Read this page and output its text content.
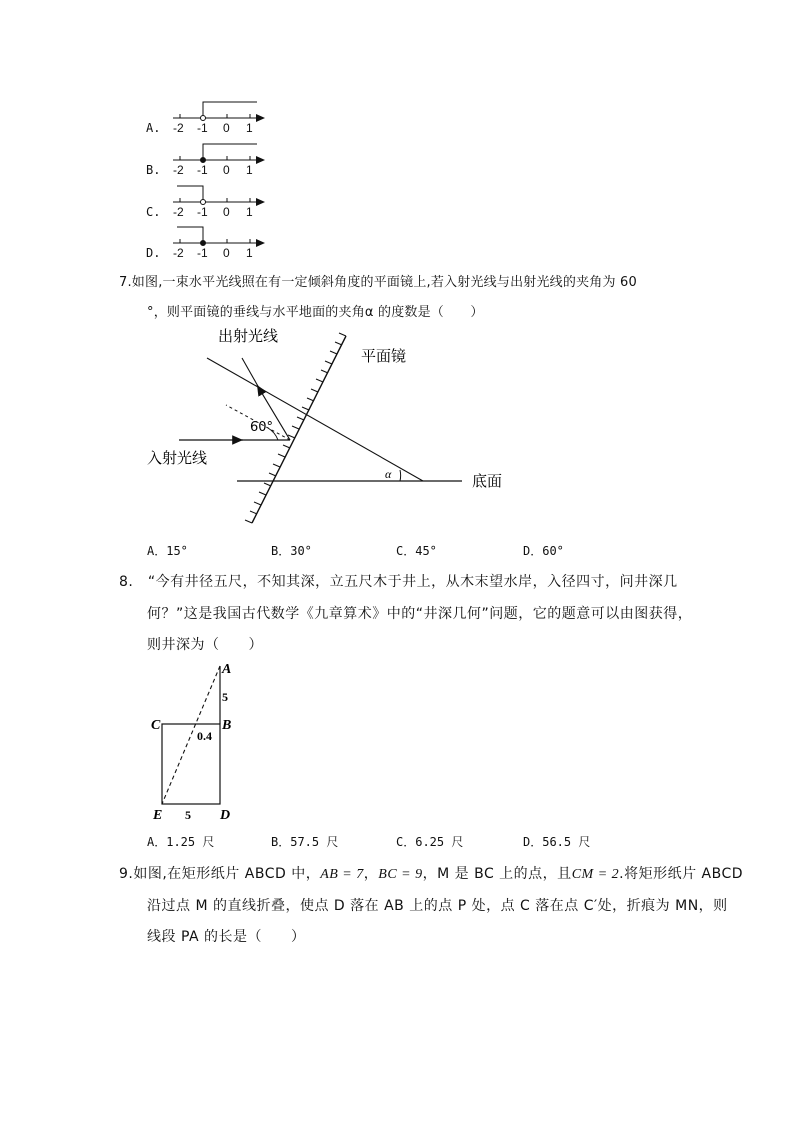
A. -2 -1 0 1
B. -2 -1 0 1
C. -2 -1 0 1
D. -2 -1 0 1
7.如图,一束水平光线照在有一定倾斜角度的平面镜上,若入射光线与出射光线的夹角为 60
°，则平面镜的垂线与水平地面的夹角α 的度数是（　　）
出射光线
平面镜
入射光线
底面
60°
α
A．15°	B．30°	C．45°	D．60°
8.　“今有井径五尺，不知其深，立五尺木于井上，从木末望水岸，入径四寸，问井深几
何？”这是我国古代数学《九章算术》中的“井深几何”问题，它的题意可以由图获得，
则井深为（　　）
A
B
C
D
E
5
0.4
5
A．1.25 尺	B．57.5 尺	C．6.25 尺	D．56.5 尺
9.如图,在矩形纸片 ABCD 中，AB = 7，BC = 9，M 是 BC 上的点，且CM = 2.将矩形纸片 ABCD
沿过点 M 的直线折叠，使点 D 落在 AB 上的点 P 处，点 C 落在点 C′处，折痕为 MN，则
线段 PA 的长是（　　）
